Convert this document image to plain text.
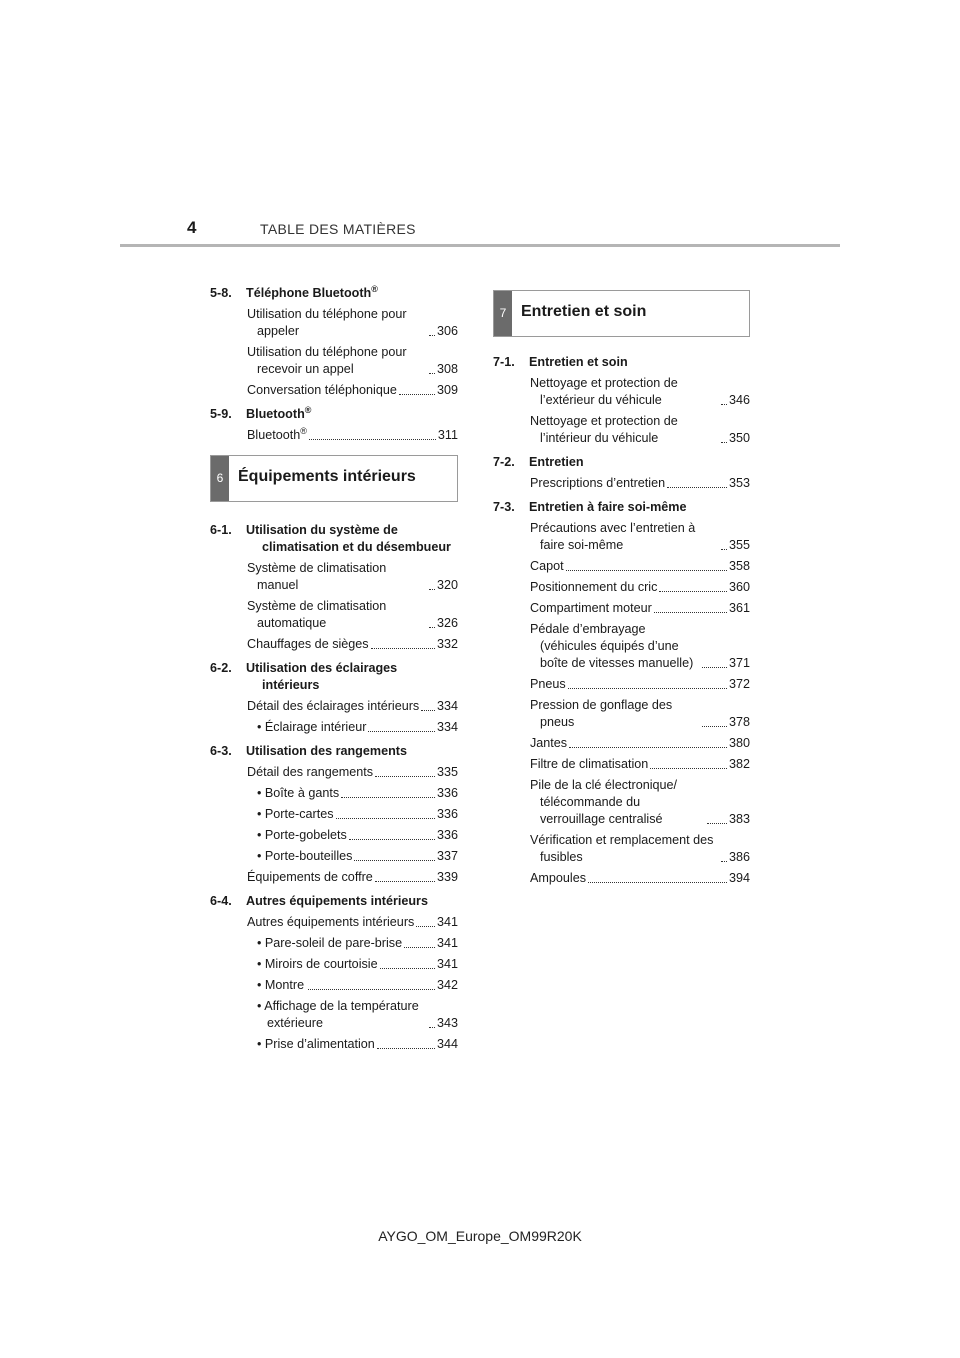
4	TABLE DES MATIÈRES
5-8.	Téléphone Bluetooth®
Utilisation du téléphone pour appeler	306
Utilisation du téléphone pour recevoir un appel	308
Conversation téléphonique	309
5-9.	Bluetooth®
Bluetooth®	311
6 Équipements intérieurs
6-1.	Utilisation du système de climatisation et du désembueur
Système de climatisation manuel	320
Système de climatisation automatique	326
Chauffages de sièges	332
6-2.	Utilisation des éclairages intérieurs
Détail des éclairages intérieurs 334
• Éclairage intérieur	334
6-3.	Utilisation des rangements
Détail des rangements	335
• Boîte à gants	336
• Porte-cartes	336
• Porte-gobelets	336
• Porte-bouteilles	337
Équipements de coffre	339
6-4.	Autres équipements intérieurs
Autres équipements intérieurs 341
• Pare-soleil de pare-brise	341
• Miroirs de courtoisie	341
• Montre	342
• Affichage de la température extérieure	343
• Prise d’alimentation	344
7 Entretien et soin
7-1.	Entretien et soin
Nettoyage et protection de l’extérieur du véhicule	346
Nettoyage et protection de l’intérieur du véhicule	350
7-2.	Entretien
Prescriptions d’entretien	353
7-3.	Entretien à faire soi-même
Précautions avec l’entretien à faire soi-même	355
Capot	358
Positionnement du cric	360
Compartiment moteur	361
Pédale d’embrayage (véhicules équipés d’une boîte de vitesses manuelle)	371
Pneus	372
Pression de gonflage des pneus	378
Jantes	380
Filtre de climatisation	382
Pile de la clé électronique/ télécommande du verrouillage centralisé	383
Vérification et remplacement des fusibles	386
Ampoules	394
AYGO_OM_Europe_OM99R20K
